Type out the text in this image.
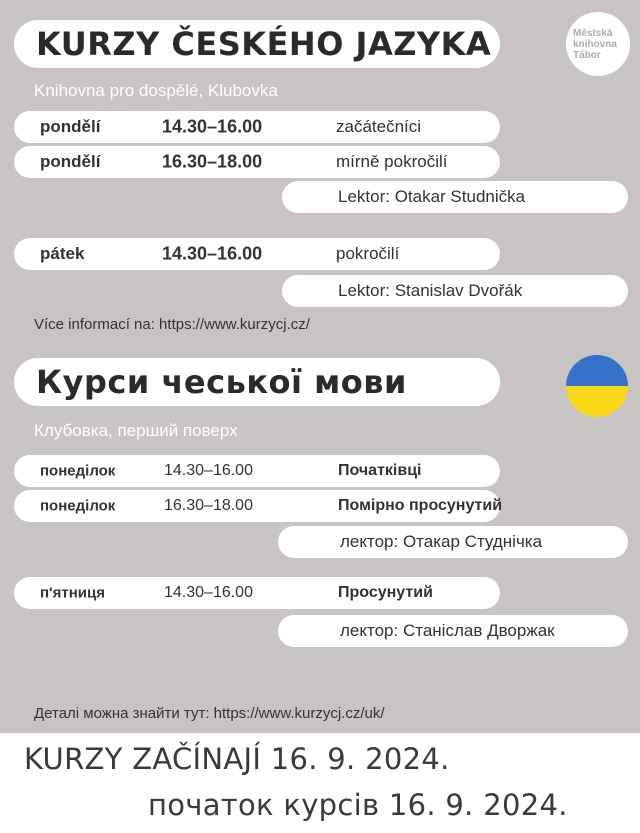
KURZY ČESKÉHO JAZYKA	Městská
knihovna
Tábor
Knihovna pro dospělé, Klubovka
pondělí	14.30–16.00	začátečníci
pondělí	16.30–18.00	mírně pokročilí
Lektor: Otakar Studnička
pátek	14.30–16.00	pokročilí
Lektor: Stanislav Dvořák
Více informací na: https://www.kurzycj.cz/
Курси чеської мови
Клубовка, перший поверх
понеділок	14.30–16.00	Початківці
понеділок	16.30–18.00	Помірно просунутий
лектор: Отакар Студнічка
п'ятниця	14.30–16.00	Просунутий
лектор: Станіслав Дворжак
Деталі можна знайти тут: https://www.kurzycj.cz/uk/
KURZY ZAČÍNAJÍ 16. 9. 2024.
початок курсів 16. 9. 2024.
